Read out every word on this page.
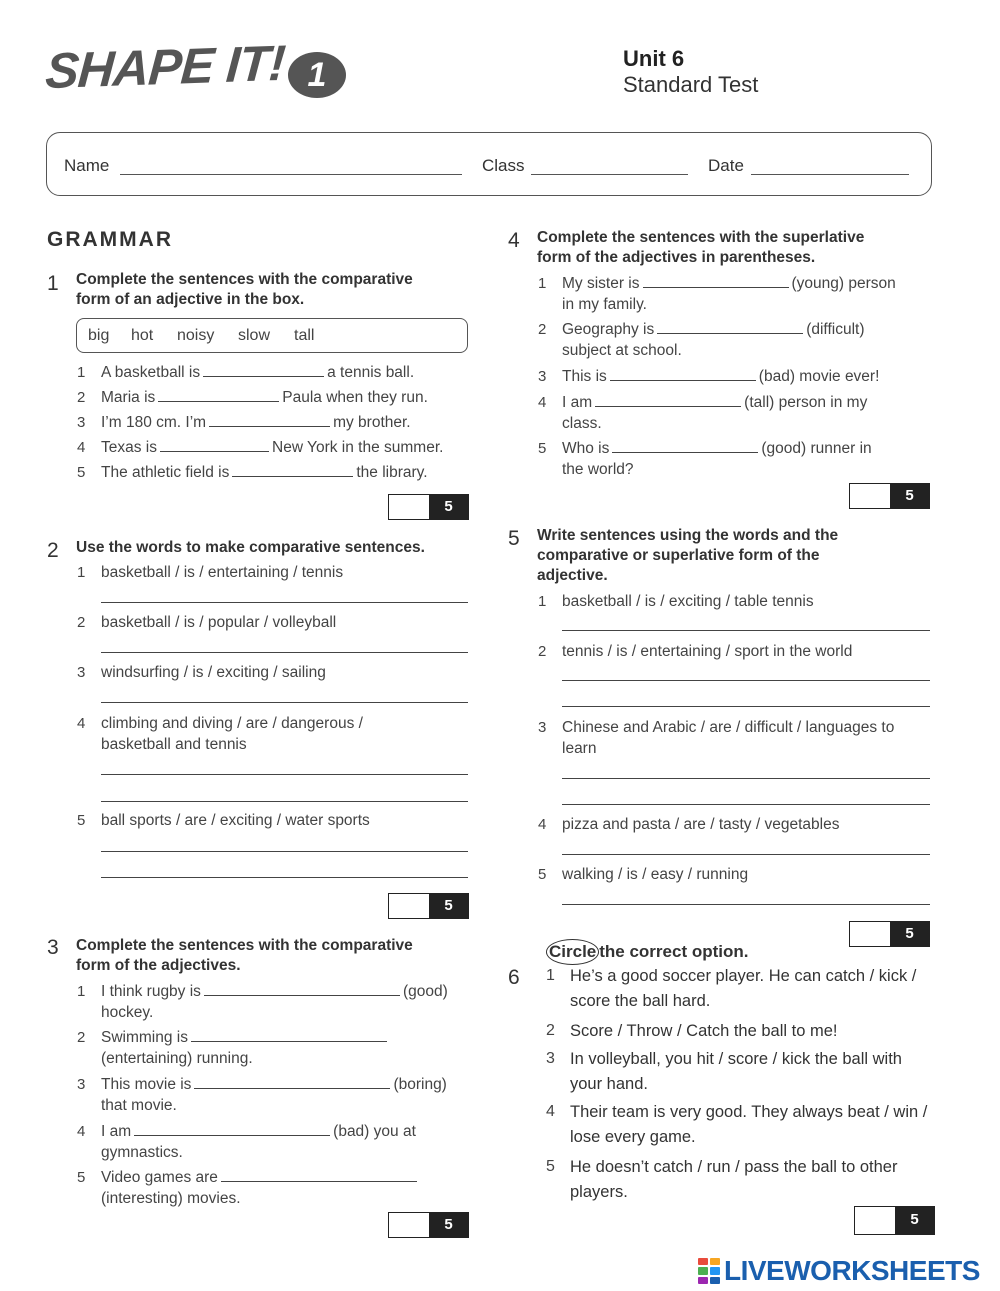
SHAPE IT! 1	Unit 6
Standard Test
Name	Class	Date
GRAMMAR
1 Complete the sentences with the comparative
form of an adjective in the box.
big hot noisy slow tall
1 A basketball is	a tennis ball.
2 Maria is	Paula when they run.
3 I’m 180 cm. I’m	my brother.
4 Texas is	New York in the summer.
5 The athletic field is	the library.
5
2 Use the words to make comparative sentences.
1 basketball / is / entertaining / tennis
2 basketball / is / popular / volleyball
3 windsurfing / is / exciting / sailing
4 climbing and diving / are / dangerous /
basketball and tennis
5 ball sports / are / exciting / water sports
5
3 Complete the sentences with the comparative
form of the adjectives.
1 I think rugby is	(good)
hockey.
2 Swimming is
(entertaining) running.
3 This movie is	(boring)
that movie.
4 I am	(bad) you at
gymnastics.
5 Video games are
(interesting) movies.
5
4 Complete the sentences with the superlative
form of the adjectives in parentheses.
1 My sister is	(young) person
in my family.
2 Geography is	(difficult)
subject at school.
3 This is	(bad) movie ever!
4 I am	(tall) person in my
class.
5 Who is	(good) runner in
the world?
5
5 Write sentences using the words and the
comparative or superlative form of the
adjective.
1 basketball / is / exciting / table tennis
2 tennis / is / entertaining / sport in the world
3 Chinese and Arabic / are / difficult / languages to
learn
4 pizza and pasta / are / tasty / vegetables
5 walking / is / easy / running
5
6
Circle the correct option.
1 He’s a good soccer player. He can catch / kick /
score the ball hard.
2 Score / Throw / Catch the ball to me!
3 In volleyball, you hit / score / kick the ball with
your hand.
4 Their team is very good. They always beat / win /
lose every game.
5 He doesn’t catch / run / pass the ball to other
players.
5
LIVEWORKSHEETS
